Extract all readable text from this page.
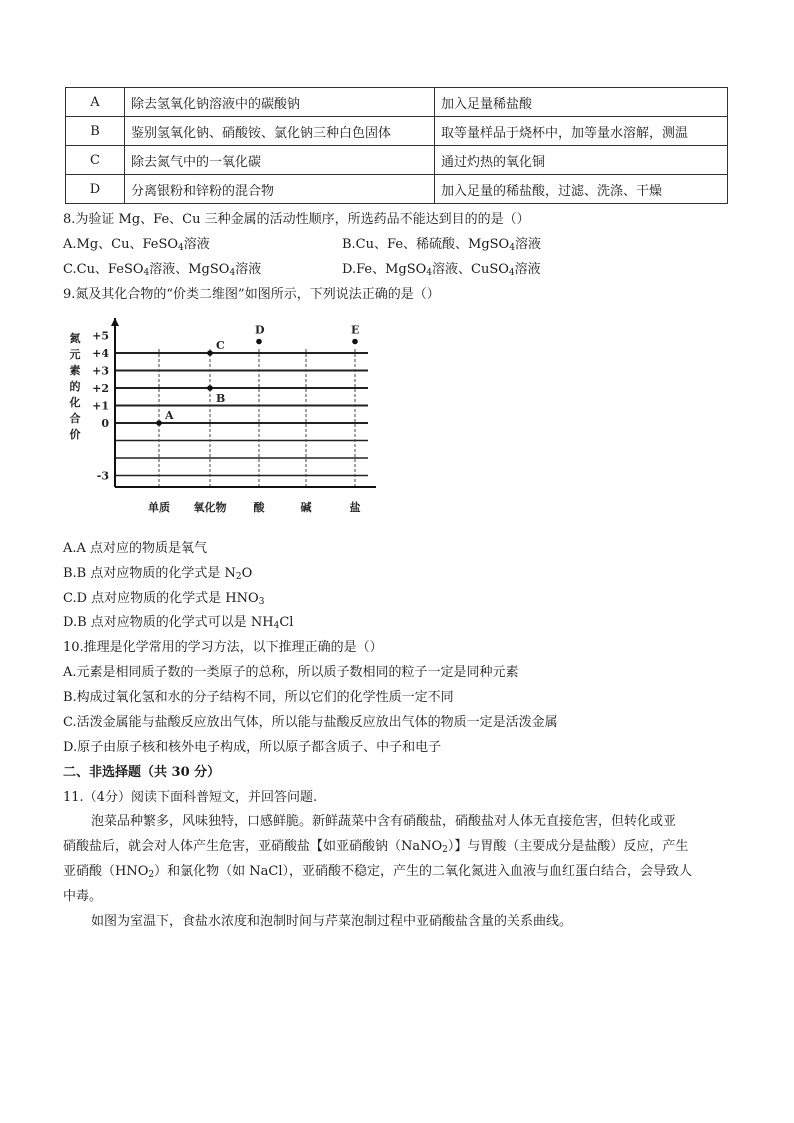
A	除去氢氧化钠溶液中的碳酸钠	加入足量稀盐酸
B	鉴别氢氧化钠、硝酸铵、氯化钠三种白色固体	取等量样品于烧杯中，加等量水溶解，测温
C	除去氮气中的一氧化碳	通过灼热的氧化铜
D	分离银粉和锌粉的混合物	加入足量的稀盐酸，过滤、洗涤、干燥
8.为验证 Mg、Fe、Cu 三种金属的活动性顺序，所选药品不能达到目的的是（）
A.Mg、Cu、FeSO$_4$溶液	B.Cu、Fe、稀硫酸、MgSO$_4$溶液
C.Cu、FeSO$_4$溶液、MgSO$_4$溶液	D.Fe、MgSO$_4$溶液、CuSO$_4$溶液
9.氮及其化合物的“价类二维图”如图所示，下列说法正确的是（）
+5
+4
+3
+2
+1
0
-3
氮
元
素
的
化
合
价
单质 氧化物 酸	碱	盐
A
B
C
D	E
A.A 点对应的物质是氧气
B.B 点对应物质的化学式是 $N_2O$
C.D 点对应物质的化学式是 $HNO_3$
D.B 点对应物质的化学式可以是 $NH_4Cl$
10.推理是化学常用的学习方法，以下推理正确的是（）
A.元素是相同质子数的一类原子的总称，所以质子数相同的粒子一定是同种元素
B.构成过氧化氢和水的分子结构不同，所以它们的化学性质一定不同
C.活泼金属能与盐酸反应放出气体，所以能与盐酸反应放出气体的物质一定是活泼金属
D.原子由原子核和核外电子构成，所以原子都含质子、中子和电子
二、非选择题（共 30 分）
11.（4分）阅读下面科普短文，并回答问题.
泡菜品种繁多，风味独特，口感鲜脆。新鲜蔬菜中含有硝酸盐，硝酸盐对人体无直接危害，但转化或亚
硝酸盐后，就会对人体产生危害，亚硝酸盐【如亚硝酸钠（NaNO$_2$）】与胃酸（主要成分是盐酸）反应，产生
亚硝酸$(HNO_2)$和氯化物（如 NaCl），亚硝酸不稳定，产生的二氧化氮进入血液与血红蛋白结合，会导致人
中毒。
如图为室温下，食盐水浓度和泡制时间与芹菜泡制过程中亚硝酸盐含量的关系曲线。
